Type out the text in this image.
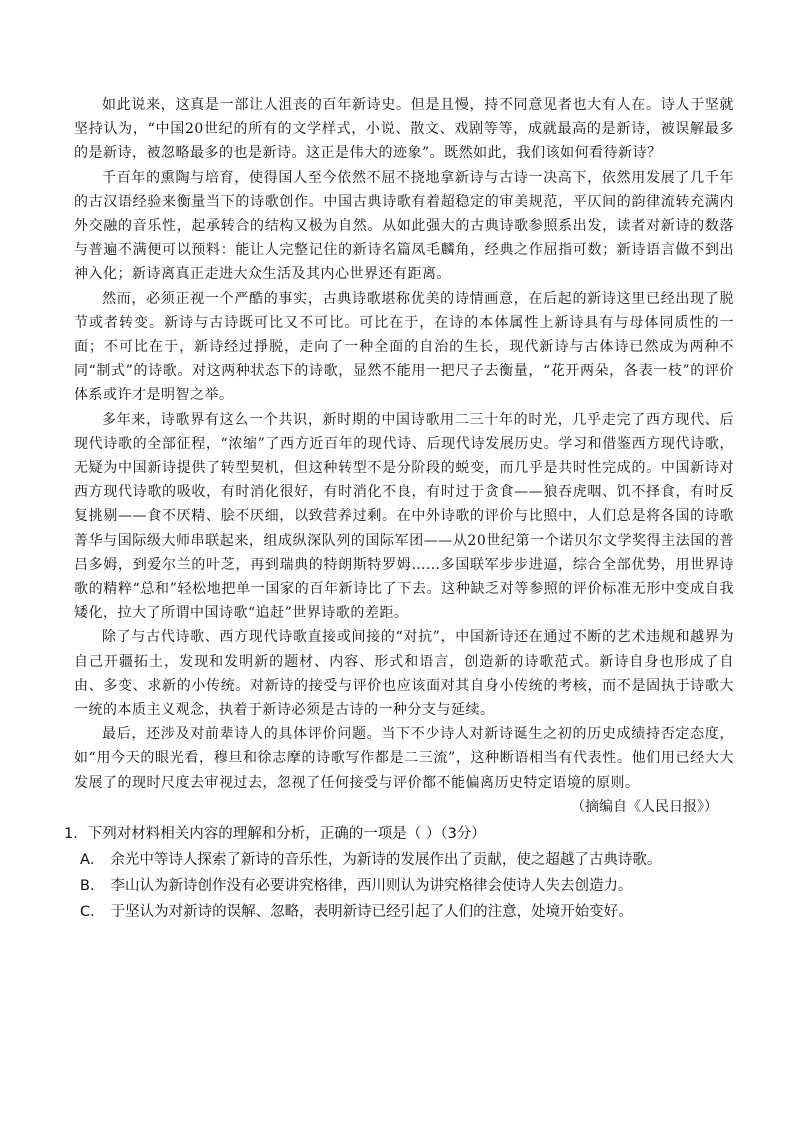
如此说来，这真是一部让人沮丧的百年新诗史。但是且慢，持不同意见者也大有人在。诗人于坚就坚持认为，“中国20世纪的所有的文学样式，小说、散文、戏剧等等，成就最高的是新诗，被误解最多的是新诗，被忽略最多的也是新诗。这正是伟大的迹象”。既然如此，我们该如何看待新诗？

千百年的熏陶与培育，使得国人至今依然不屈不挠地拿新诗与古诗一决高下，依然用发展了几千年的古汉语经验来衡量当下的诗歌创作。中国古典诗歌有着超稳定的审美规范，平仄间的韵律流转充满内外交融的音乐性，起承转合的结构又极为自然。从如此强大的古典诗歌参照系出发，读者对新诗的数落与普遍不满便可以预料：能让人完整记住的新诗名篇凤毛麟角，经典之作屈指可数；新诗语言做不到出神入化；新诗离真正走进大众生活及其内心世界还有距离。

然而，必须正视一个严酷的事实，古典诗歌堪称优美的诗情画意，在后起的新诗这里已经出现了脱节或者转变。新诗与古诗既可比又不可比。可比在于，在诗的本体属性上新诗具有与母体同质性的一面；不可比在于，新诗经过掙脱，走向了一种全面的自治的生长，现代新诗与古体诗已然成为两种不同“制式”的诗歌。对这两种状态下的诗歌，显然不能用一把尺子去衡量，“花开两朵，各表一枝”的评价体系或许才是明智之举。

多年来，诗歌界有这么一个共识，新时期的中国诗歌用二三十年的时光，几乎走完了西方现代、后现代诗歌的全部征程，“浓缩”了西方近百年的现代诗、后现代诗发展历史。学习和借鉴西方现代诗歌，无疑为中国新诗提供了转型契机，但这种转型不是分阶段的蜕变，而几乎是共时性完成的。中国新诗对西方现代诗歌的吸收，有时消化很好，有时消化不良，有时过于贪食——狼吞虎咽、饥不择食，有时反复挑剔——食不厌精、脍不厌细，以致营养过剩。在中外诗歌的评价与比照中，人们总是将各国的诗歌菁华与国际级大师串联起来，组成纵深队列的国际军团——从20世纪第一个诺贝尔文学奖得主法国的普吕多姆，到爱尔兰的叶芝，再到瑞典的特朗斯特罗姆……多国联军步步进逼，综合全部优势，用世界诗歌的精粹“总和”轻松地把单一国家的百年新诗比了下去。这种缺乏对等参照的评价标准无形中变成自我矮化，拉大了所谓中国诗歌“追赶”世界诗歌的差距。

除了与古代诗歌、西方现代诗歌直接或间接的“对抗”，中国新诗还在通过不断的艺术违规和越界为自己开疆拓土，发现和发明新的题材、内容、形式和语言，创造新的诗歌范式。新诗自身也形成了自由、多变、求新的小传统。对新诗的接受与评价也应该面对其自身小传统的考核，而不是固执于诗歌大一统的本质主义观念，执着于新诗必须是古诗的一种分支与延续。

最后，还涉及对前辈诗人的具体评价问题。当下不少诗人对新诗诞生之初的历史成绩持否定态度，如“用今天的眼光看，穆旦和徐志摩的诗歌写作都是二三流”，这种断语相当有代表性。他们用已经大大发展了的现时尺度去审视过去，忽视了任何接受与评价都不能偏离历史特定语境的原则。

（摘编自《人民日报》）

1．下列对材料相关内容的理解和分析，正确的一项是（ ）（3分）

A． 余光中等诗人探索了新诗的音乐性，为新诗的发展作出了贡献，使之超越了古典诗歌。
B． 李山认为新诗创作没有必要讲究格律，西川则认为讲究格律会使诗人失去创造力。
C． 于坚认为对新诗的误解、忽略，表明新诗已经引起了人们的注意，处境开始变好。
